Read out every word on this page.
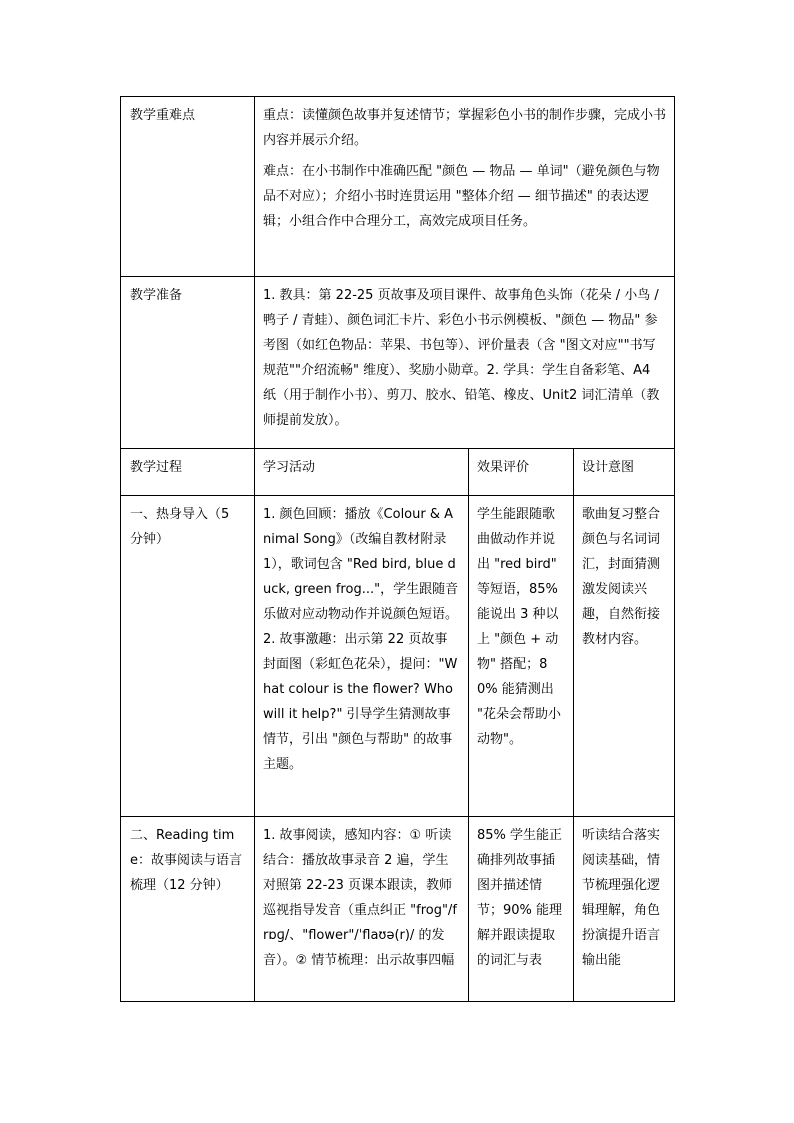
教学重难点	重点：读懂颜色故事并复述情节；掌握彩色小书的制作步骤，完成小书内容并展示介绍。

难点：在小书制作中准确匹配 "颜色 — 物品 — 单词"（避免颜色与物品不对应）；介绍小书时连贯运用 "整体介绍 — 细节描述" 的表达逻辑；小组合作中合理分工，高效完成项目任务。		

教学准备	1. 教具：第 22-25 页故事及项目课件、故事角色头饰（花朵 / 小鸟 / 鸭子 / 青蛙）、颜色词汇卡片、彩色小书示例模板、"颜色 — 物品" 参考图（如红色物品：苹果、书包等）、评价量表（含 "图文对应""书写规范""介绍流畅" 维度）、奖励小勋章。2. 学具：学生自备彩笔、A4 纸（用于制作小书）、剪刀、胶水、铅笔、橡皮、Unit2 词汇清单（教师提前发放）。		
教学过程	学习活动	效果评价	设计意图
一、热身导入（5 分钟）	1. 颜色回顾：播放《Colour & Animal Song》（改编自教材附录 1），歌词包含 "Red bird, blue duck, green frog..."，学生跟随音乐做对应动物动作并说颜色短语。2. 故事激趣：出示第 22 页故事封面图（彩虹色花朵），提问："What colour is the flower? Who will it help?" 引导学生猜测故事情节，引出 "颜色与帮助" 的故事主题。	学生能跟随歌曲做动作并说出 "red bird" 等短语，85% 能说出 3 种以上 "颜色 + 动物" 搭配；80% 能猜测出 "花朵会帮助小动物"。	歌曲复习整合颜色与名词词汇，封面猜测激发阅读兴趣，自然衔接教材内容。
二、Reading time：故事阅读与语言梳理（12 分钟）	1. 故事阅读，感知内容：① 听读结合：播放故事录音 2 遍，学生对照第 22-23 页课本跟读，教师巡视指导发音（重点纠正 "frog"/frɒɡ/、"flower"/ˈflaʊə(r)/ 的发音）。② 情节梳理：出示故事四幅	85% 学生能正确排列故事插图并描述情节；90% 能理解并跟读提取的词汇与表	听读结合落实阅读基础，情节梳理强化逻辑理解，角色扮演提升语言输出能
